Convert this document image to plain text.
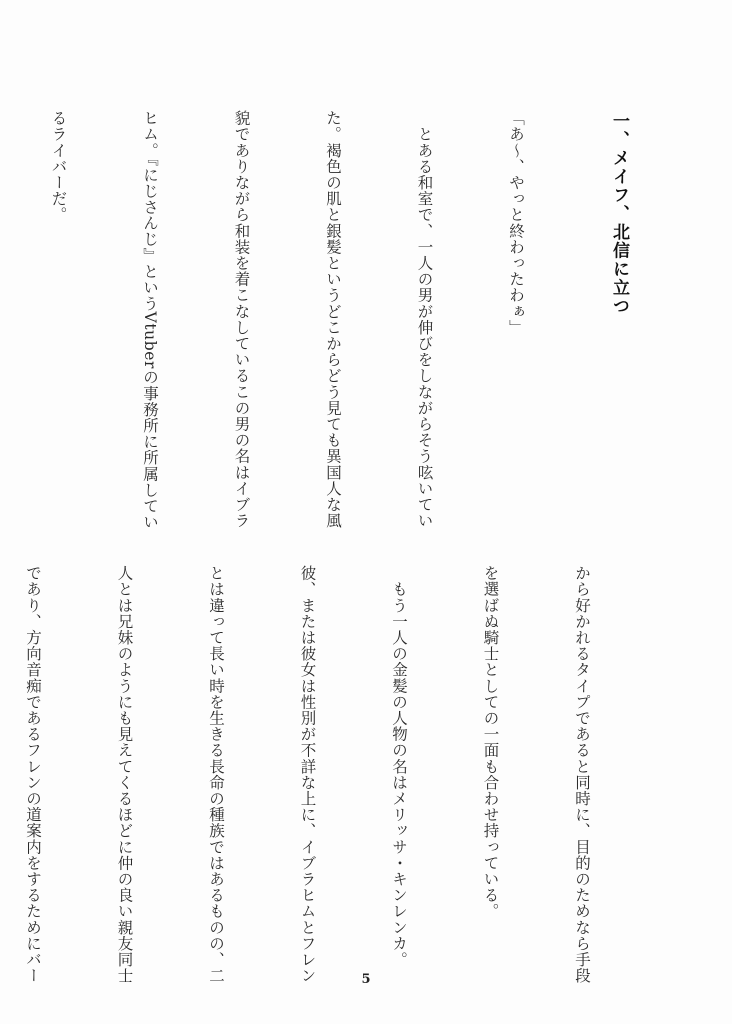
一、メイフ、北信に立つ

「あ〜、やっと終わったわぁ」

　とある和室で、一人の男が伸びをしながらそう呟いてい

た。褐色の肌と銀髪というどこからどう見ても異国人な風

貌でありながら和装を着こなしているこの男の名はイブラ

ヒム。『にじさんじ』というVtuberの事務所に所属してい

るライバーだ。

から好かれるタイプであると同時に、目的のためなら手段

を選ばぬ騎士としての一面も合わせ持っている。

　もう一人の金髪の人物の名はメリッサ・キンレンカ。

彼、または彼女は性別が不詳な上に、イブラヒムとフレン

とは違って長い時を生きる長命の種族ではあるものの、二

人とは兄妹のようにも見えてくるほどに仲の良い親友同士

であり、方向音痴であるフレンの道案内をするためにバー

	5
